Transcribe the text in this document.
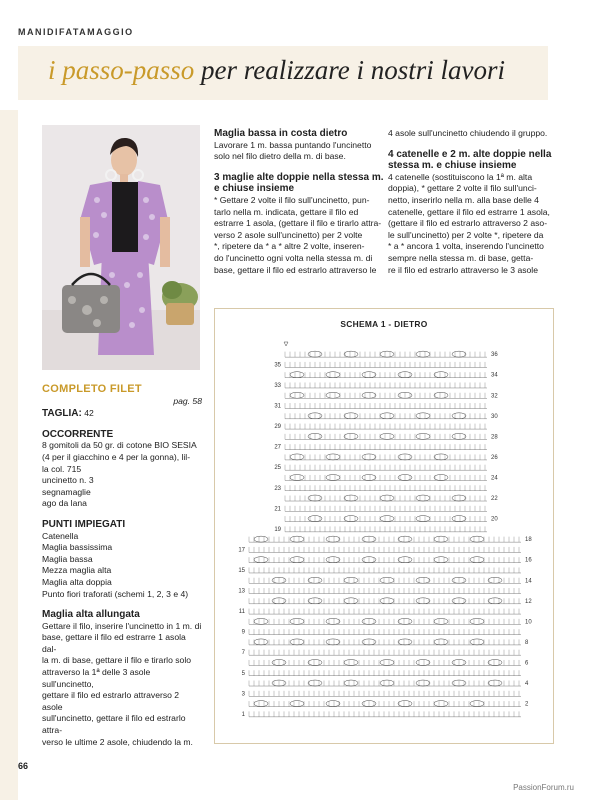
MANIDIFATAMAGGIO
i passo-passo per realizzare i nostri lavori

COMPLETO FILET

pag. 58

TAGLIA: 42

OCCORRENTE

8 gomitoli da 50 gr. di cotone BIO SESIA

(4 per il giacchino e 4 per la gonna), lil-

la col. 715

uncinetto n. 3

segnamaglie

ago da lana

PUNTI IMPIEGATI

Catenella

Maglia bassissima

Maglia bassa

Mezza maglia alta

Maglia alta doppia

Punto fiori traforati (schemi 1, 2, 3 e 4)

Maglia alta allungata

Gettare il filo, inserire l'uncinetto in 1 m. di

base, gettare il filo ed estrarre 1 asola dal-

la m. di base, gettare il filo e tirarlo solo

attraverso la 1ª delle 3 asole sull'uncinetto,

gettare il filo ed estrarlo attraverso 2 asole

sull'uncinetto, gettare il filo ed estrarlo attra-

verso le ultime 2 asole, chiudendo la m.

Maglia bassa in costa dietro

Lavorare 1 m. bassa puntando l'uncinetto

solo nel filo dietro della m. di base.

3 maglie alte doppie nella stessa m.

e chiuse insieme

* Gettare 2 volte il filo sull'uncinetto, pun-

tarlo nella m. indicata, gettare il filo ed

estrarre 1 asola, (gettare il filo e tirarlo attra-

verso 2 asole sull'uncinetto) per 2 volte

*, ripetere da * a * altre 2 volte, inseren-

do l'uncinetto ogni volta nella stessa m. di

base, gettare il filo ed estrarlo attraverso le

4 asole sull'uncinetto chiudendo il gruppo.

4 catenelle e 2 m. alte doppie nella

stessa m. e chiuse insieme

4 catenelle (sostituiscono la 1ª m. alta

doppia), * gettare 2 volte il filo sull'unci-

netto, inserirlo nella m. alla base delle 4

catenelle, gettare il filo ed estrarre 1 asola,

(gettare il filo ed estrarlo attraverso 2 aso-

le sull'uncinetto) per 2 volte *, ripetere da

* a * ancora 1 volta, inserendo l'uncinetto

sempre nella stessa m. di base, getta-

re il filo ed estrarlo attraverso le 3 asole

SCHEMA 1 - DIETRO
1
2
3
4
5
6
7
8
9
10
11
12
13
14
15
16
17
18
19
20
21
22
23
24
25
26
27
28
29
30
31
32
33
34
35
36
66
PassionForum.ru
